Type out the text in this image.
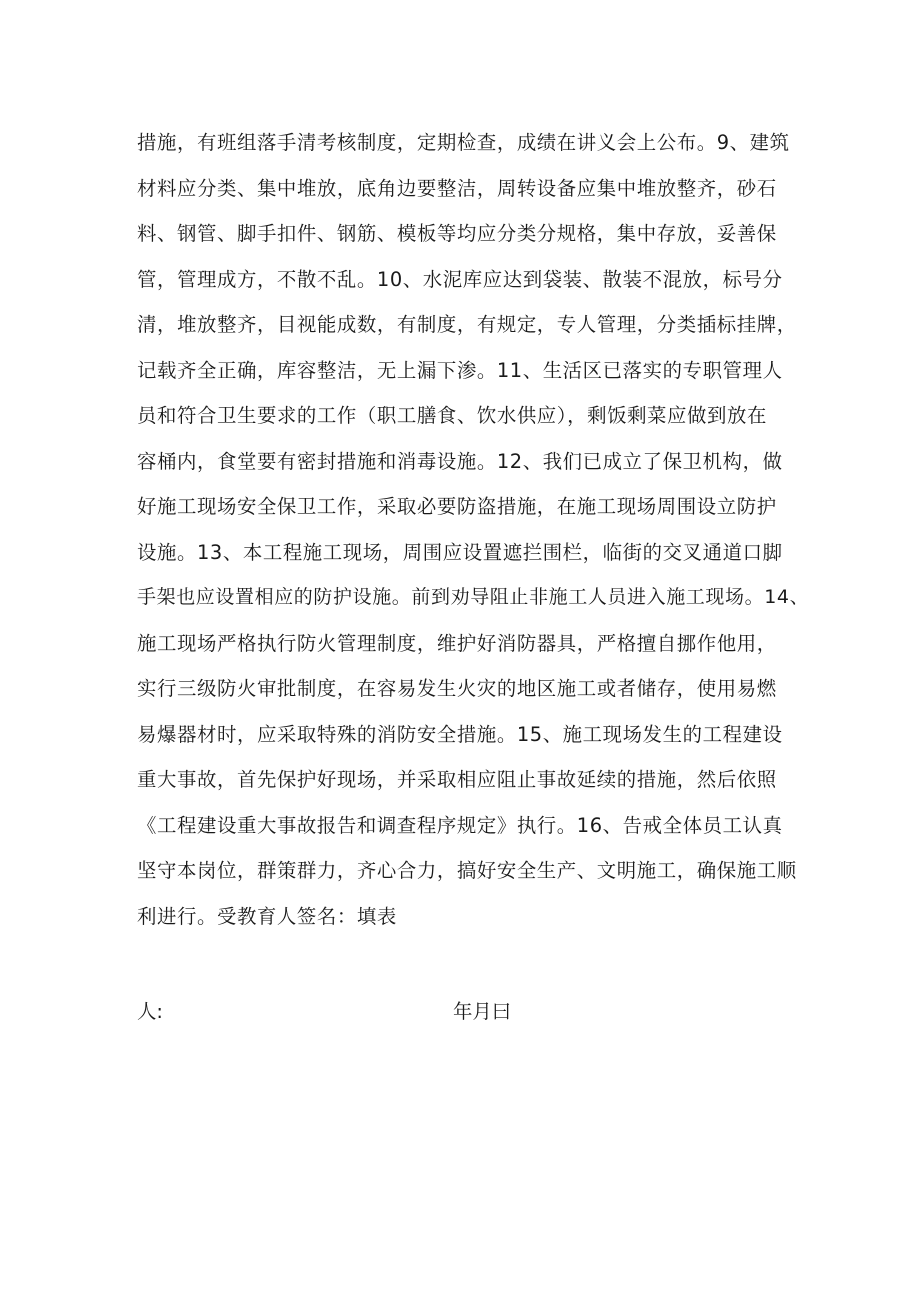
措施，有班组落手清考核制度，定期检查，成绩在讲义会上公布。9、建筑
材料应分类、集中堆放，底角边要整洁，周转设备应集中堆放整齐，砂石
料、钢管、脚手扣件、钢筋、模板等均应分类分规格，集中存放，妥善保
管，管理成方，不散不乱。10、水泥库应达到袋装、散装不混放，标号分
清，堆放整齐，目视能成数，有制度，有规定，专人管理，分类插标挂牌，
记载齐全正确，库容整洁，无上漏下渗。11、生活区已落实的专职管理人
员和符合卫生要求的工作（职工膳食、饮水供应），剩饭剩菜应做到放在
容桶内，食堂要有密封措施和消毒设施。12、我们已成立了保卫机构，做
好施工现场安全保卫工作，采取必要防盗措施，在施工现场周围设立防护
设施。13、本工程施工现场，周围应设置遮拦围栏，临街的交叉通道口脚
手架也应设置相应的防护设施。前到劝导阻止非施工人员进入施工现场。14、
施工现场严格执行防火管理制度，维护好消防器具，严格擅自挪作他用，
实行三级防火审批制度，在容易发生火灾的地区施工或者储存，使用易燃
易爆器材时，应采取特殊的消防安全措施。15、施工现场发生的工程建设
重大事故，首先保护好现场，并采取相应阻止事故延续的措施，然后依照
《工程建设重大事故报告和调查程序规定》执行。16、告戒全体员工认真
坚守本岗位，群策群力，齐心合力，搞好安全生产、文明施工，确保施工顺
利进行。受教育人签名：填表
人:	年月曰
